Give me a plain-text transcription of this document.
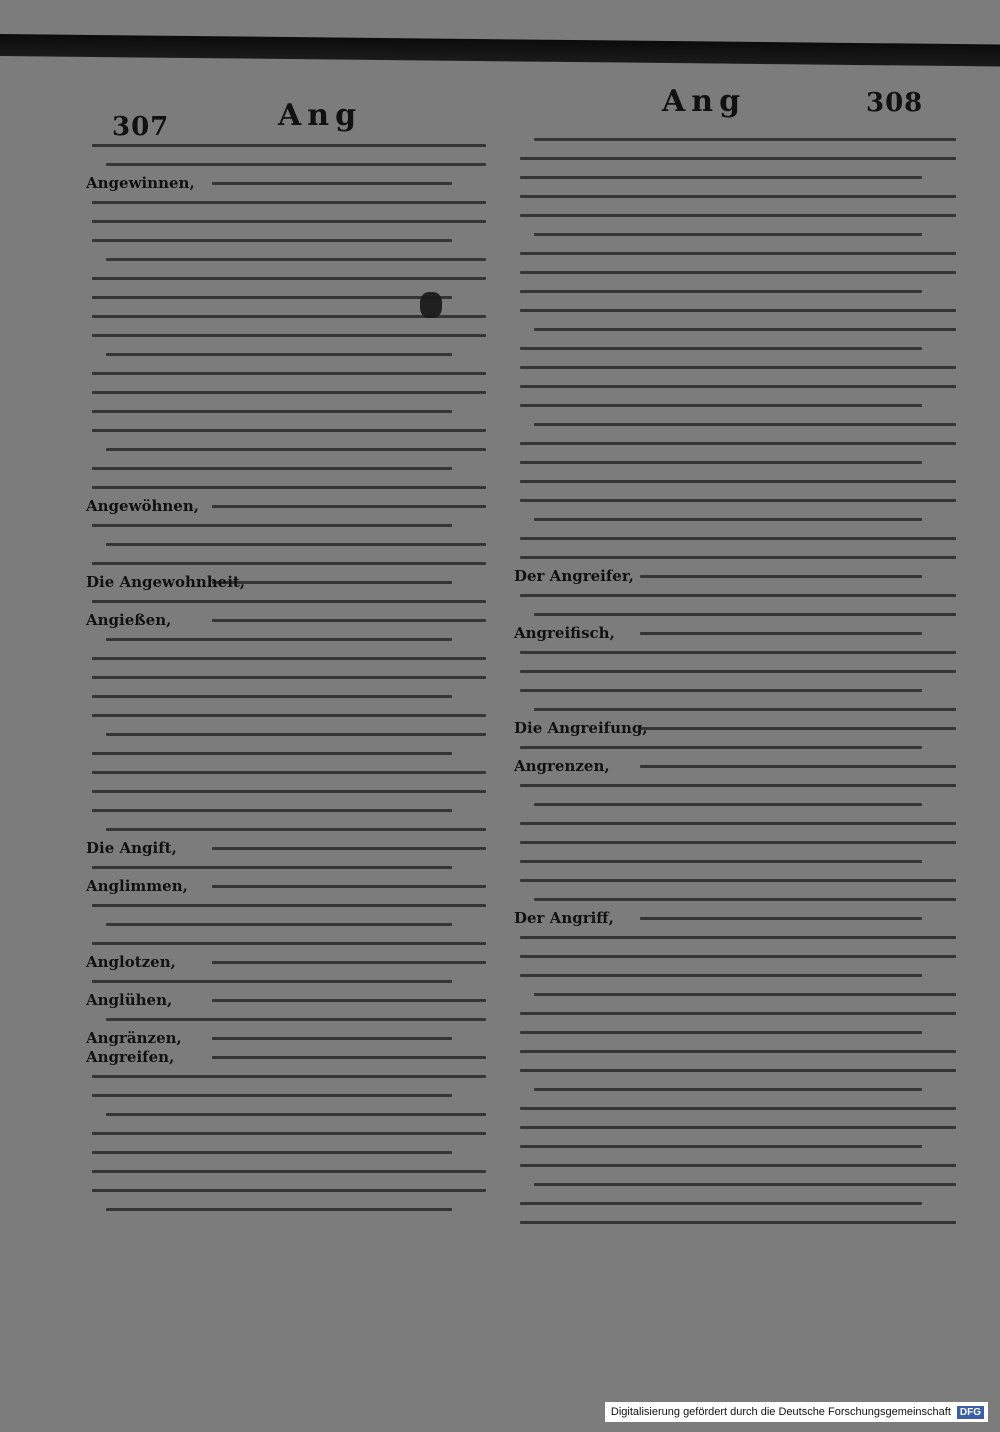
307	Ang	Ang	308
Digitalisierung gefördert durch die Deutsche Forschungsgemeinschaft DFG
Angewinnen,
Angewöhnen,
Die Angewohnheit,
Angießen,
Die Angift,
Anglimmen,
Anglotzen,
Anglühen,
Angränzen,
Angreifen,
Der Angreifer,
Angreifisch,
Die Angreifung,
Angrenzen,
Der Angriff,
